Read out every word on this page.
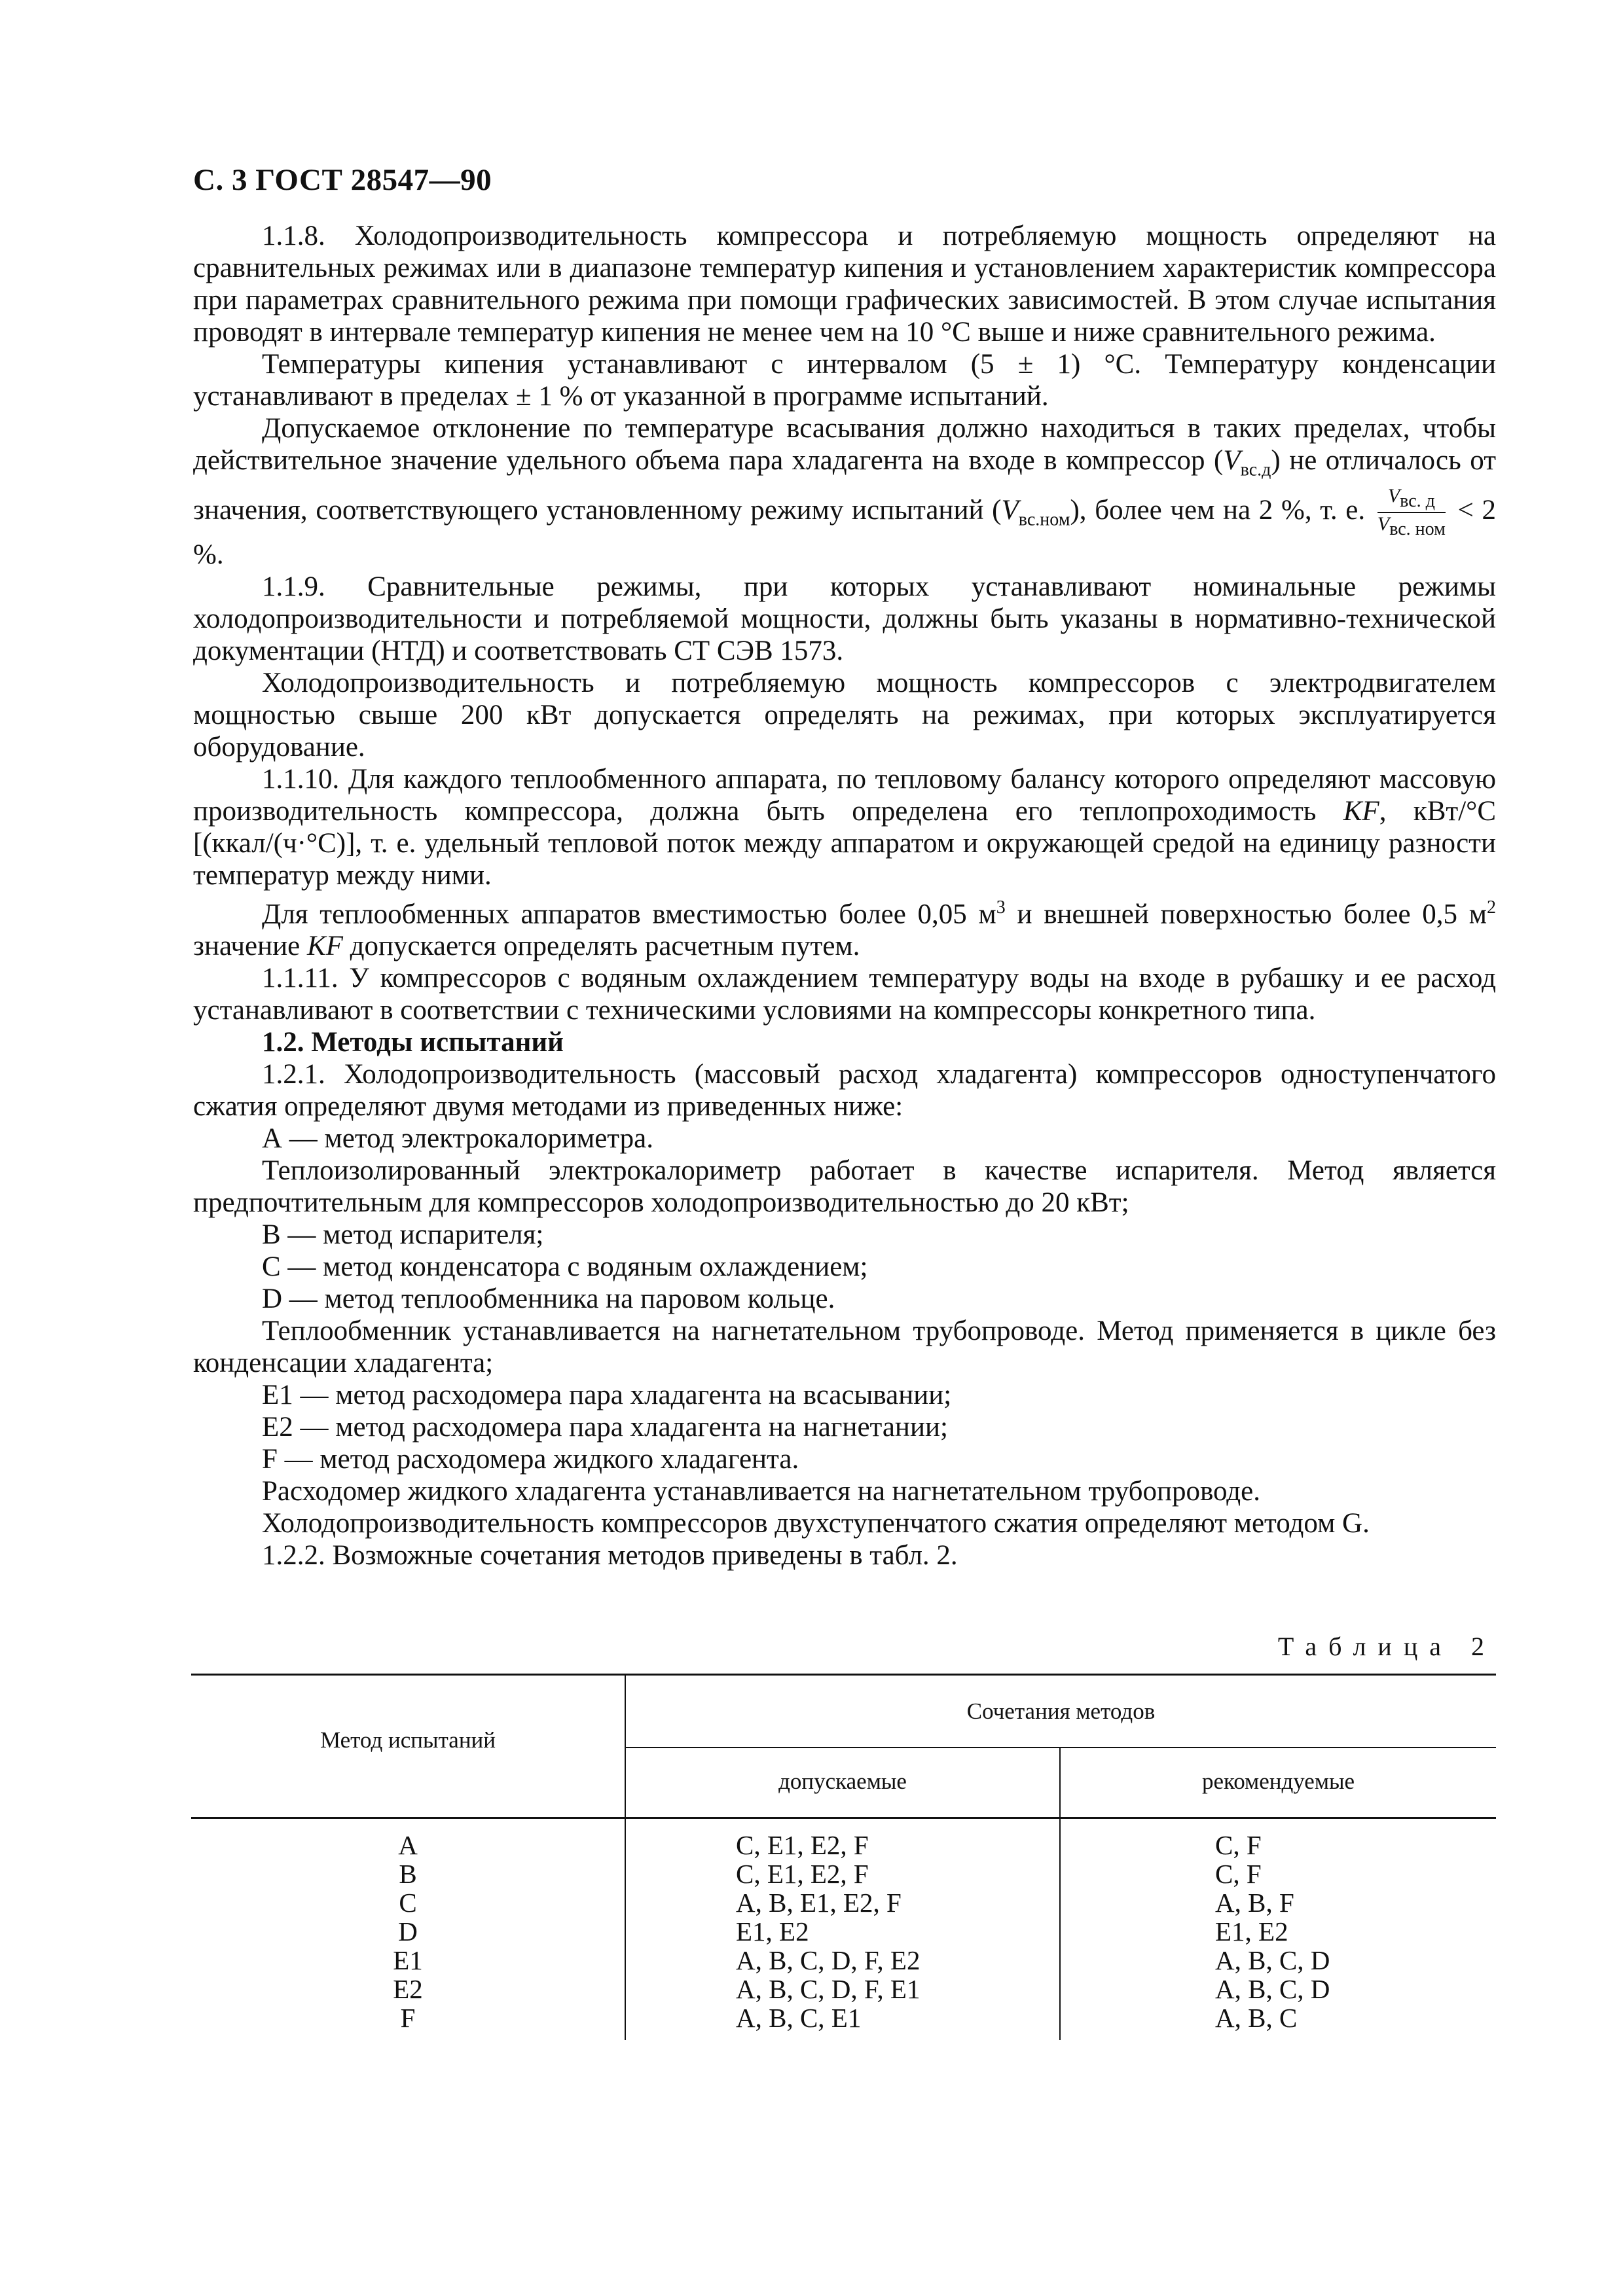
С. 3 ГОСТ 28547—90

1.1.8. Холодопроизводительность компрессора и потребляемую мощность определяют на сравнительных режимах или в диапазоне температур кипения и установлением характеристик компрессора при параметрах сравнительного режима при помощи графических зависимостей. В этом случае испытания проводят в интервале температур кипения не менее чем на 10 °С выше и ниже сравнительного режима.

Температуры кипения устанавливают с интервалом (5 ± 1) °С. Температуру конденсации устанавливают в пределах ± 1 % от указанной в программе испытаний.

Допускаемое отклонение по температуре всасывания должно находиться в таких пределах, чтобы действительное значение удельного объема пара хладагента на входе в компрессор $(V_{вс.д})$ не отличалось от значения, соответствующего установленному режиму испытаний $(V_{вс.ном})$, более чем на 2 %, т. е. $\frac{V_{вс. д}}{V_{вс. ном}} < 2$ %.

1.1.9. Сравнительные режимы, при которых устанавливают номинальные режимы холодопроизводительности и потребляемой мощности, должны быть указаны в нормативно-технической документации (НТД) и соответствовать СТ СЭВ 1573.

Холодопроизводительность и потребляемую мощность компрессоров с электродвигателем мощностью свыше 200 кВт допускается определять на режимах, при которых эксплуатируется оборудование.

1.1.10. Для каждого теплообменного аппарата, по тепловому балансу которого определяют массовую производительность компрессора, должна быть определена его теплопроходимость KF, кВт/°С [(ккал/(ч·°С)], т. е. удельный тепловой поток между аппаратом и окружающей средой на единицу разности температур между ними.

Для теплообменных аппаратов вместимостью более 0,05 $м^3$ и внешней поверхностью более 0,5 $м^2$ значение KF допускается определять расчетным путем.

1.1.11. У компрессоров с водяным охлаждением температуру воды на входе в рубашку и ее расход устанавливают в соответствии с техническими условиями на компрессоры конкретного типа.

1.2. Методы испытаний

1.2.1. Холодопроизводительность (массовый расход хладагента) компрессоров одноступенчатого сжатия определяют двумя методами из приведенных ниже:

А — метод электрокалориметра.

Теплоизолированный электрокалориметр работает в качестве испарителя. Метод является предпочтительным для компрессоров холодопроизводительностью до 20 кВт;

В — метод испарителя;

С — метод конденсатора с водяным охлаждением;

D — метод теплообменника на паровом кольце.

Теплообменник устанавливается на нагнетательном трубопроводе. Метод применяется в цикле без конденсации хладагента;

Е1 — метод расходомера пара хладагента на всасывании;

Е2 — метод расходомера пара хладагента на нагнетании;

F — метод расходомера жидкого хладагента.

Расходомер жидкого хладагента устанавливается на нагнетательном трубопроводе.

Холодопроизводительность компрессоров двухступенчатого сжатия определяют методом G.

1.2.2. Возможные сочетания методов приведены в табл. 2.

Таблица 2
Метод испытаний
Сочетания методов
допускаемые	рекомендуемые
A
B
C
D
E1
E2
F
C, E1, E2, F
C, E1, E2, F
A, B, E1, E2, F
E1, E2
A, B, C, D, F, E2
A, B, C, D, F, E1
A, B, C, E1
C, F
C, F
A, B, F
E1, E2
A, B, C, D
A, B, C, D
A, B, C
